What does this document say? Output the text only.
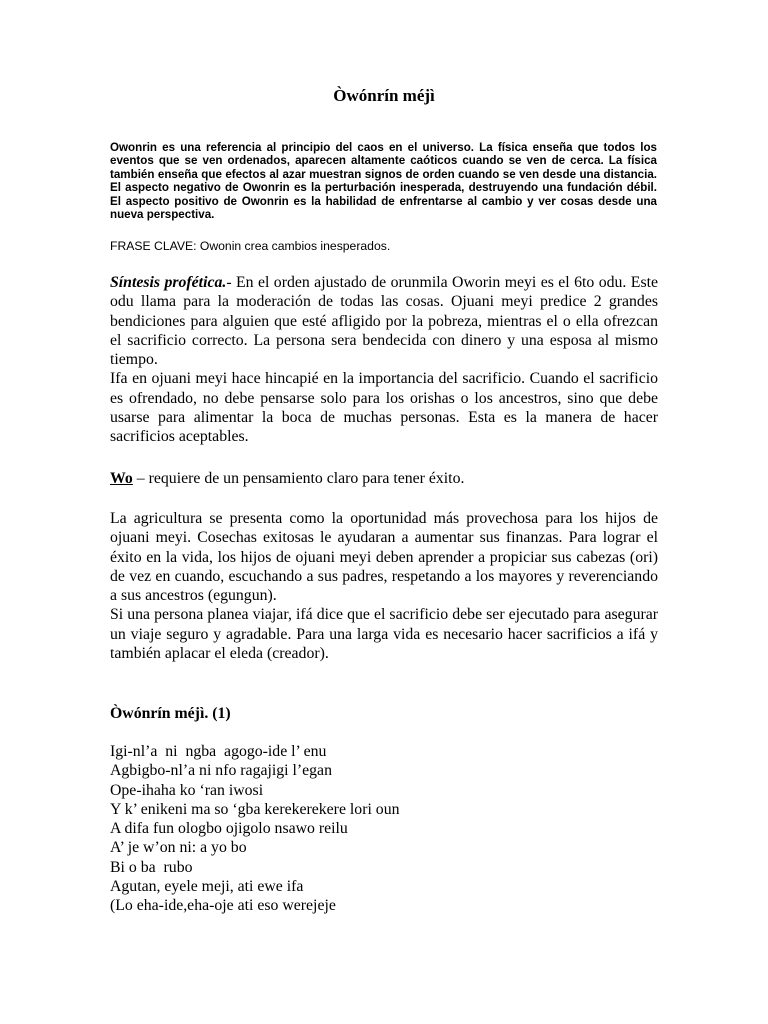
Òwónrín méjì

Owonrin es una referencia al principio del caos en el universo. La física enseña que todos los eventos que se ven ordenados, aparecen altamente caóticos cuando se ven de cerca. La física también enseña que efectos al azar muestran signos de orden cuando se ven desde una distancia. El aspecto negativo de Owonrin es la perturbación inesperada, destruyendo una fundación débil. El aspecto positivo de Owonrin es la habilidad de enfrentarse al cambio y ver cosas desde una nueva perspectiva.

FRASE CLAVE: Owonin crea cambios inesperados.

Síntesis profética.- En el orden ajustado de orunmila Oworin meyi es el 6to odu. Este odu llama para la moderación de todas las cosas. Ojuani meyi predice 2 grandes bendiciones para alguien que esté afligido por la pobreza, mientras el o ella ofrezcan el sacrificio correcto. La persona sera bendecida con dinero y una esposa al mismo tiempo.
Ifa en ojuani meyi hace hincapié en la importancia del sacrificio. Cuando el sacrificio es ofrendado, no debe pensarse solo para los orishas o los ancestros, sino que debe usarse para alimentar la boca de muchas personas. Esta es la manera de hacer sacrificios aceptables.
Wo – requiere de un pensamiento claro para tener éxito.
La agricultura se presenta como la oportunidad más provechosa para los hijos de ojuani meyi. Cosechas exitosas le ayudaran a aumentar sus finanzas. Para lograr el éxito en la vida, los hijos de ojuani meyi deben aprender a propiciar sus cabezas (ori) de vez en cuando, escuchando a sus padres, respetando a los mayores y reverenciando a sus ancestros (egungun).
Si una persona planea viajar, ifá dice que el sacrificio debe ser ejecutado para asegurar un viaje seguro y agradable. Para una larga vida es necesario hacer sacrificios a ifá y también aplacar el eleda (creador).
Òwónrín méjì. (1)
Igi-nl’a  ni  ngba  agogo-ide l’ enu
Agbigbo-nl’a ni nfo ragajigi l’egan
Ope-ihaha ko ‘ran iwosi
Y k’ enikeni ma so ‘gba kerekerekere lori oun
A difa fun ologbo ojigolo nsawo reilu
A’ je w’on ni: a yo bo
Bi o ba  rubo
Agutan, eyele meji, ati ewe ifa
(Lo eha-ide,eha-oje ati eso werejeje
